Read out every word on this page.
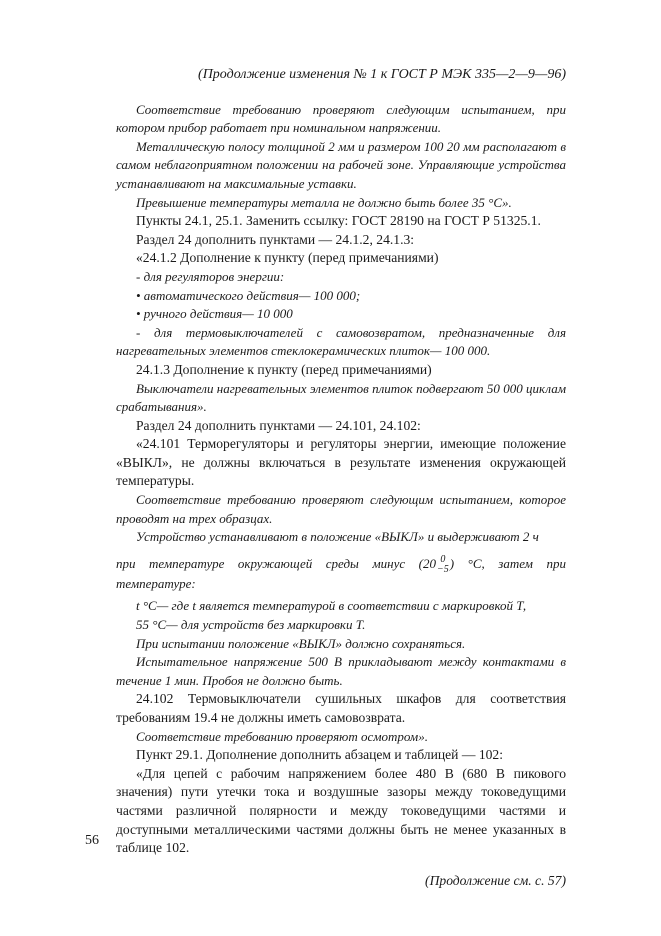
(Продолжение изменения № 1 к ГОСТ Р МЭК 335—2—9—96)

Соответствие требованию проверяют следующим испытанием, при котором прибор работает при номинальном напряжении.

Металлическую полосу толщиной 2 мм и размером 100 20 мм располагают в самом неблагоприятном положении на рабочей зоне. Управляющие устройства устанавливают на максимальные уставки.

Превышение температуры металла не должно быть более 35 °С».

Пункты 24.1, 25.1. Заменить ссылку: ГОСТ 28190 на ГОСТ Р 51325.1.

Раздел 24 дополнить пунктами — 24.1.2, 24.1.3:

«24.1.2 Дополнение к пункту (перед примечаниями)

- для регуляторов энергии:

• автоматического действия— 100 000;

• ручного действия— 10 000

- для термовыключателей с самовозвратом, предназначенные для нагревательных элементов стеклокерамических плиток— 100 000.

24.1.3 Дополнение к пункту (перед примечаниями)

Выключатели нагревательных элементов плиток подвергают 50 000 циклам срабатывания».

Раздел 24 дополнить пунктами — 24.101, 24.102:

«24.101 Терморегуляторы и регуляторы энергии, имеющие положение «ВЫКЛ», не должны включаться в результате изменения окружающей температуры.

Соответствие требованию проверяют следующим испытанием, которое проводят на трех образцах.

Устройство устанавливают в положение «ВЫКЛ» и выдерживают 2 ч

при температуре окружающей среды минус (20 0
−5 ) °С, затем при температуре:

t °С— где t является температурой в соответствии с маркировкой Т,

55 °С— для устройств без маркировки Т.

При испытании положение «ВЫКЛ» должно сохраняться.

Испытательное напряжение 500 В прикладывают между контактами в течение 1 мин. Пробоя не должно быть.

24.102 Термовыключатели сушильных шкафов для соответствия требованиям 19.4 не должны иметь самовозврата.

Соответствие требованию проверяют осмотром».

Пункт 29.1. Дополнение дополнить абзацем и таблицей — 102:

«Для цепей с рабочим напряжением более 480 В (680 В пикового значения) пути утечки тока и воздушные зазоры между токоведущими частями различной полярности и между токоведущими частями и доступными металлическими частями должны быть не менее указанных в таблице 102.

(Продолжение см. с. 57)
56
